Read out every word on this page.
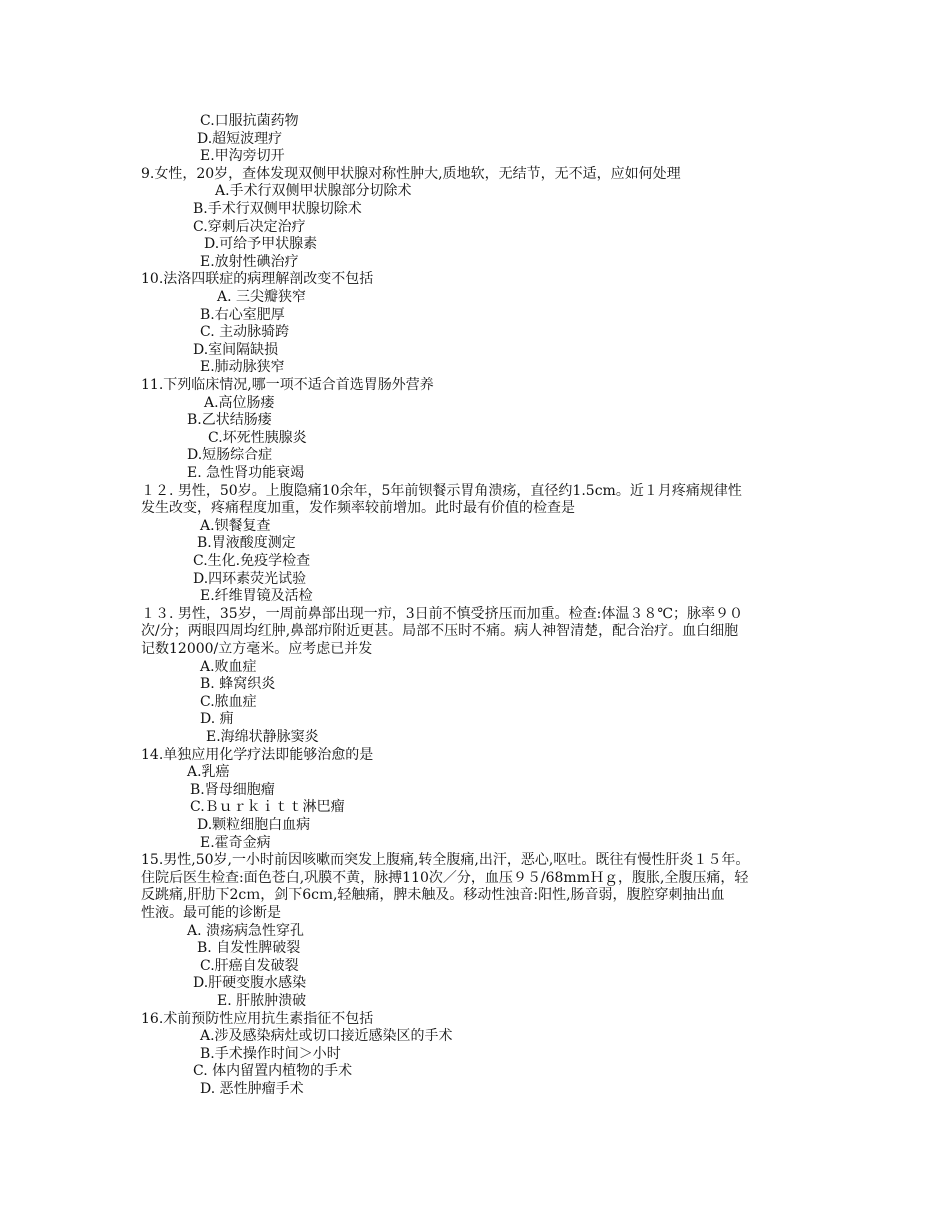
C.口服抗菌药物
D.超短波理疗
E.甲沟旁切开
9.女性，20岁，查体发现双侧甲状腺对称性肿大,质地软，无结节，无不适，应如何处理
A.手术行双侧甲状腺部分切除术
B.手术行双侧甲状腺切除术
C.穿刺后决定治疗
D.可给予甲状腺素
E.放射性碘治疗
10.法洛四联症的病理解剖改变不包括
A. 三尖瓣狭窄
B.右心室肥厚
C. 主动脉骑跨
D.室间隔缺损
E.肺动脉狭窄
11.下列临床情况,哪一项不适合首选胃肠外营养
A.高位肠瘘
B.乙状结肠瘘
C.坏死性胰腺炎
D.短肠综合症
E. 急性肾功能衰竭
１２. 男性，50岁。上腹隐痛10余年，5年前钡餐示胃角溃疡，直径约1.5cm。近１月疼痛规律性
发生改变，疼痛程度加重，发作频率较前增加。此时最有价值的检查是
A.钡餐复查
B.胃液酸度测定
C.生化.免疫学检查
D.四环素荧光试验
E.纤维胃镜及活检
１３. 男性，35岁，一周前鼻部出现一疖，3日前不慎受挤压而加重。检查:体温３８℃；脉率９０
次/分；两眼四周均红肿,鼻部疖附近更甚。局部不压时不痛。病人神智清楚，配合治疗。血白细胞
记数12000/立方毫米。应考虑已并发
A.败血症
B. 蜂窝织炎
C.脓血症
D. 痈
E.海绵状静脉窦炎
14.单独应用化学疗法即能够治愈的是
A.乳癌
B.肾母细胞瘤
C.Ｂｕｒｋｉｔｔ淋巴瘤
D.颗粒细胞白血病
E.霍奇金病
15.男性,50岁,一小时前因咳嗽而突发上腹痛,转全腹痛,出汗，恶心,呕吐。既往有慢性肝炎１５年。
住院后医生检查:面色苍白,巩膜不黄，脉搏110次／分，血压９５/68mmＨｇ，腹胀,全腹压痛，轻
反跳痛,肝肋下2cｍ，剑下6cｍ,轻触痛，脾未触及。移动性浊音:阳性,肠音弱，腹腔穿刺抽出血
性液。最可能的诊断是
A. 溃疡病急性穿孔
B. 自发性脾破裂
C.肝癌自发破裂
D.肝硬变腹水感染
E. 肝脓肿溃破
16.术前预防性应用抗生素指征不包括
A.涉及感染病灶或切口接近感染区的手术
B.手术操作时间＞小时
C. 体内留置内植物的手术
D. 恶性肿瘤手术
